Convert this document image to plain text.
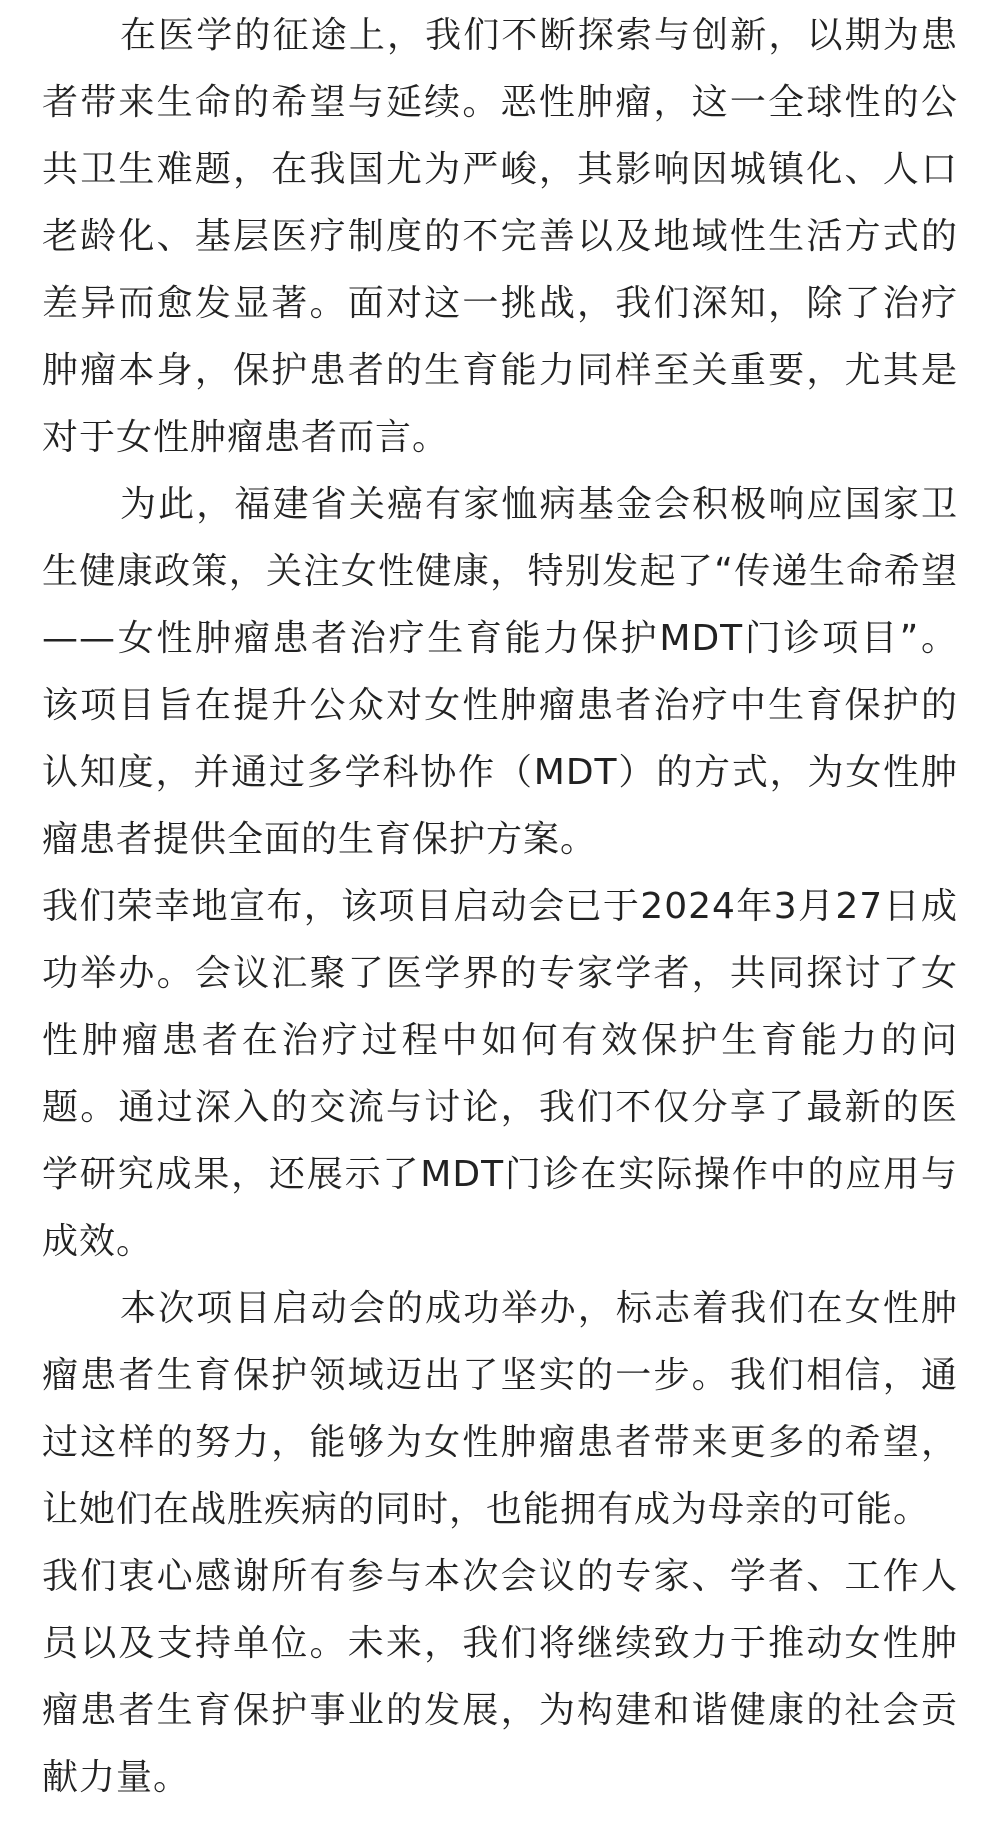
在医学的征途上，我们不断探索与创新，以期为患者带来生命的希望与延续。恶性肿瘤，这一全球性的公共卫生难题，在我国尤为严峻，其影响因城镇化、人口老龄化、基层医疗制度的不完善以及地域性生活方式的差异而愈发显著。面对这一挑战，我们深知，除了治疗肿瘤本身，保护患者的生育能力同样至关重要，尤其是对于女性肿瘤患者而言。

为此，福建省关癌有家恤病基金会积极响应国家卫生健康政策，关注女性健康，特别发起了“传递生命希望——女性肿瘤患者治疗生育能力保护MDT门诊项目”。该项目旨在提升公众对女性肿瘤患者治疗中生育保护的认知度，并通过多学科协作（MDT）的方式，为女性肿瘤患者提供全面的生育保护方案。

我们荣幸地宣布，该项目启动会已于2024年3月27日成功举办。会议汇聚了医学界的专家学者，共同探讨了女性肿瘤患者在治疗过程中如何有效保护生育能力的问题。通过深入的交流与讨论，我们不仅分享了最新的医学研究成果，还展示了MDT门诊在实际操作中的应用与成效。

本次项目启动会的成功举办，标志着我们在女性肿瘤患者生育保护领域迈出了坚实的一步。我们相信，通过这样的努力，能够为女性肿瘤患者带来更多的希望，让她们在战胜疾病的同时，也能拥有成为母亲的可能。

我们衷心感谢所有参与本次会议的专家、学者、工作人员以及支持单位。未来，我们将继续致力于推动女性肿瘤患者生育保护事业的发展，为构建和谐健康的社会贡献力量。
